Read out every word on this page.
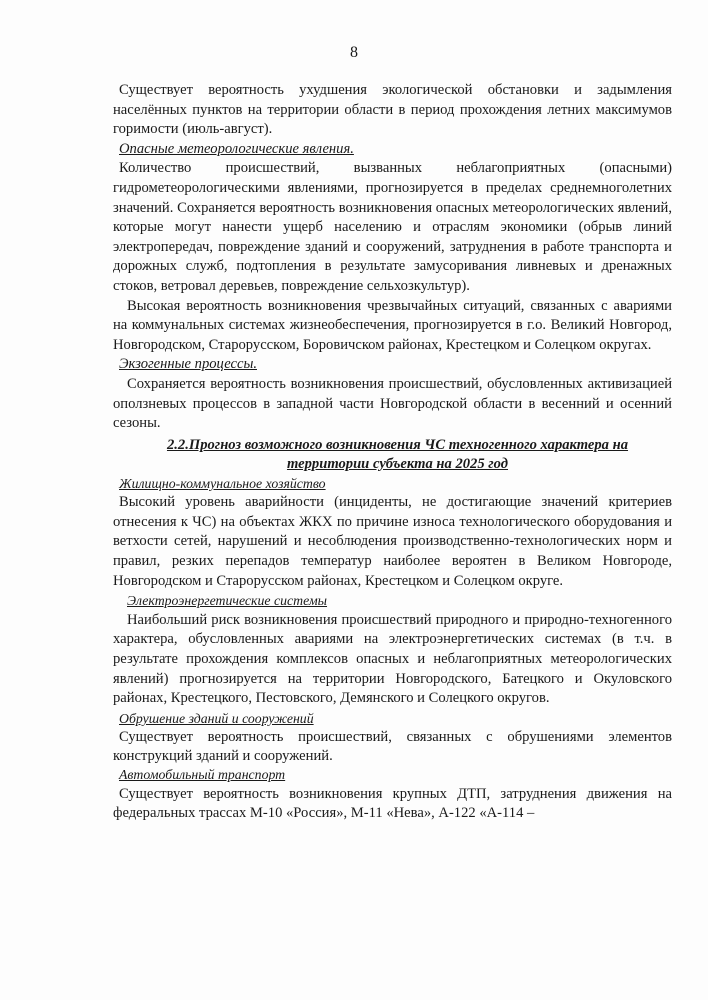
8

Существует вероятность ухудшения экологической обстановки и задымления населённых пунктов на территории области в период прохождения летних максимумов горимости (июль-август).

Опасные метеорологические явления.

Количество происшествий, вызванных неблагоприятных (опасными) гидрометеорологическими явлениями, прогнозируется в пределах среднемноголетних значений. Сохраняется вероятность возникновения опасных метеорологических явлений, которые могут нанести ущерб населению и отраслям экономики (обрыв линий электропередач, повреждение зданий и сооружений, затруднения в работе транспорта и дорожных служб, подтопления в результате замусоривания ливневых и дренажных стоков, ветровал деревьев, повреждение сельхозкультур).

Высокая вероятность возникновения чрезвычайных ситуаций, связанных с авариями на коммунальных системах жизнеобеспечения, прогнозируется в г.о. Великий Новгород, Новгородском, Старорусском, Боровичском районах, Крестецком и Солецком округах.

Экзогенные процессы.

Сохраняется вероятность возникновения происшествий, обусловленных активизацией оползневых процессов в западной части Новгородской области в весенний и осенний сезоны.

2.2.Прогноз возможного возникновения ЧС техногенного характера на
территории субъекта на 2025 год

Жилищно-коммунальное хозяйство

Высокий уровень аварийности (инциденты, не достигающие значений критериев отнесения к ЧС) на объектах ЖКХ по причине износа технологического оборудования и ветхости сетей, нарушений и несоблюдения производственно-технологических норм и правил, резких перепадов температур наиболее вероятен в Великом Новгороде, Новгородском и Старорусском районах, Крестецком и Солецком округе.

Электроэнергетические системы

Наибольший риск возникновения происшествий природного и природно-техногенного характера, обусловленных авариями на электроэнергетических системах (в т.ч. в результате прохождения комплексов опасных и неблагоприятных метеорологических явлений) прогнозируется на территории Новгородского, Батецкого и Окуловского районах, Крестецкого, Пестовского, Демянского и Солецкого округов.

Обрушение зданий и сооружений

Существует вероятность происшествий, связанных с обрушениями элементов конструкций зданий и сооружений.

Автомобильный транспорт

Существует вероятность возникновения крупных ДТП, затруднения движения на федеральных трассах М-10 «Россия», М-11 «Нева», А-122 «А-114 –
